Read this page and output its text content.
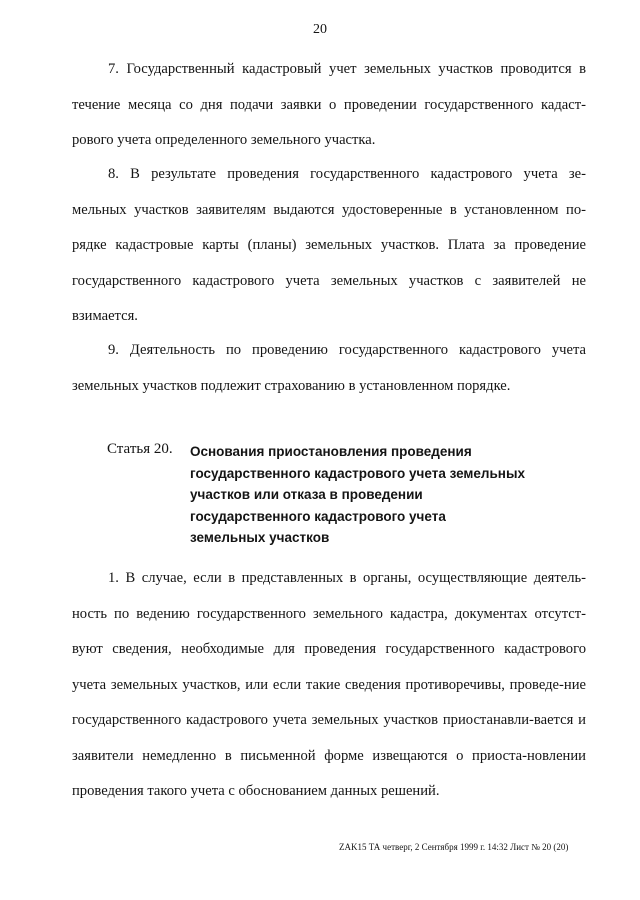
20

7. Государственный кадастровый учет земельных участков проводится в течение месяца со дня подачи заявки о проведении государственного кадаст-рового учета определенного земельного участка.

8. В результате проведения государственного кадастрового учета зе-мельных участков заявителям выдаются удостоверенные в установленном по-рядке кадастровые карты (планы) земельных участков. Плата за проведение государственного кадастрового учета земельных участков с заявителей не взимается.

9. Деятельность по проведению государственного кадастрового учета земельных участков подлежит страхованию в установленном порядке.

Статья 20. Основания приостановления проведения
государственного кадастрового учета земельных
участков или отказа в проведении
государственного кадастрового учета
земельных участков

1. В случае, если в представленных в органы, осуществляющие деятель-ность по ведению государственного земельного кадастра, документах отсутст-вуют сведения, необходимые для проведения государственного кадастрового учета земельных участков, или если такие сведения противоречивы, проведе-ние государственного кадастрового учета земельных участков приостанавли-вается и заявители немедленно в письменной форме извещаются о приоста-новлении проведения такого учета с обоснованием данных решений.

ZAK15 ТА четверг, 2 Сентября 1999 г. 14:32 Лист № 20 (20)
